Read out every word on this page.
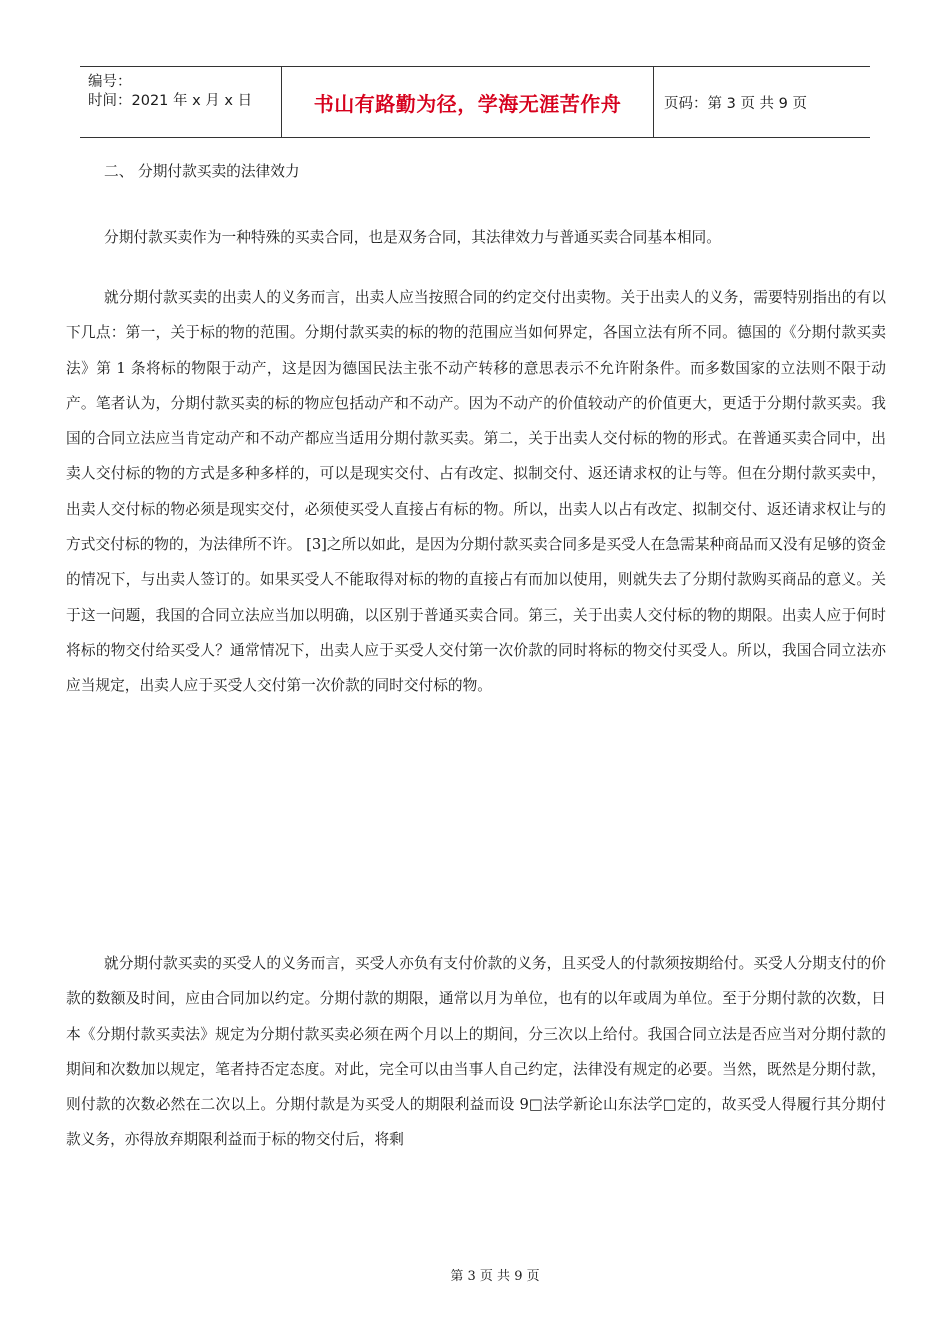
编号：
时间：2021 年 x 月 x 日	书山有路勤为径，学海无涯苦作舟	页码：第 3 页 共 9 页
二、 分期付款买卖的法律效力

分期付款买卖作为一种特殊的买卖合同，也是双务合同，其法律效力与普通买卖合同基本相同。

就分期付款买卖的出卖人的义务而言，出卖人应当按照合同的约定交付出卖物。关于出卖人的义务，需要特别指出的有以下几点：第一，关于标的物的范围。分期付款买卖的标的物的范围应当如何界定，各国立法有所不同。德国的《分期付款买卖法》第 1 条将标的物限于动产，这是因为德国民法主张不动产转移的意思表示不允许附条件。而多数国家的立法则不限于动产。笔者认为，分期付款买卖的标的物应包括动产和不动产。因为不动产的价值较动产的价值更大，更适于分期付款买卖。我国的合同立法应当肯定动产和不动产都应当适用分期付款买卖。第二，关于出卖人交付标的物的形式。在普通买卖合同中，出卖人交付标的物的方式是多种多样的，可以是现实交付、占有改定、拟制交付、返还请求权的让与等。但在分期付款买卖中，出卖人交付标的物必须是现实交付，必须使买受人直接占有标的物。所以，出卖人以占有改定、拟制交付、返还请求权让与的方式交付标的物的，为法律所不许。 [3]之所以如此，是因为分期付款买卖合同多是买受人在急需某种商品而又没有足够的资金的情况下，与出卖人签订的。如果买受人不能取得对标的物的直接占有而加以使用，则就失去了分期付款购买商品的意义。关于这一问题，我国的合同立法应当加以明确，以区别于普通买卖合同。第三，关于出卖人交付标的物的期限。出卖人应于何时将标的物交付给买受人？通常情况下，出卖人应于买受人交付第一次价款的同时将标的物交付买受人。所以，我国合同立法亦应当规定，出卖人应于买受人交付第一次价款的同时交付标的物。

就分期付款买卖的买受人的义务而言，买受人亦负有支付价款的义务，且买受人的付款须按期给付。买受人分期支付的价款的数额及时间，应由合同加以约定。分期付款的期限，通常以月为单位，也有的以年或周为单位。至于分期付款的次数，日本《分期付款买卖法》规定为分期付款买卖必须在两个月以上的期间，分三次以上给付。我国合同立法是否应当对分期付款的期间和次数加以规定，笔者持否定态度。对此，完全可以由当事人自己约定，法律没有规定的必要。当然，既然是分期付款，则付款的次数必然在二次以上。分期付款是为买受人的期限利益而设 9□法学新论山东法学□定的，故买受人得履行其分期付款义务，亦得放弃期限利益而于标的物交付后，将剩

第 3 页 共 9 页
